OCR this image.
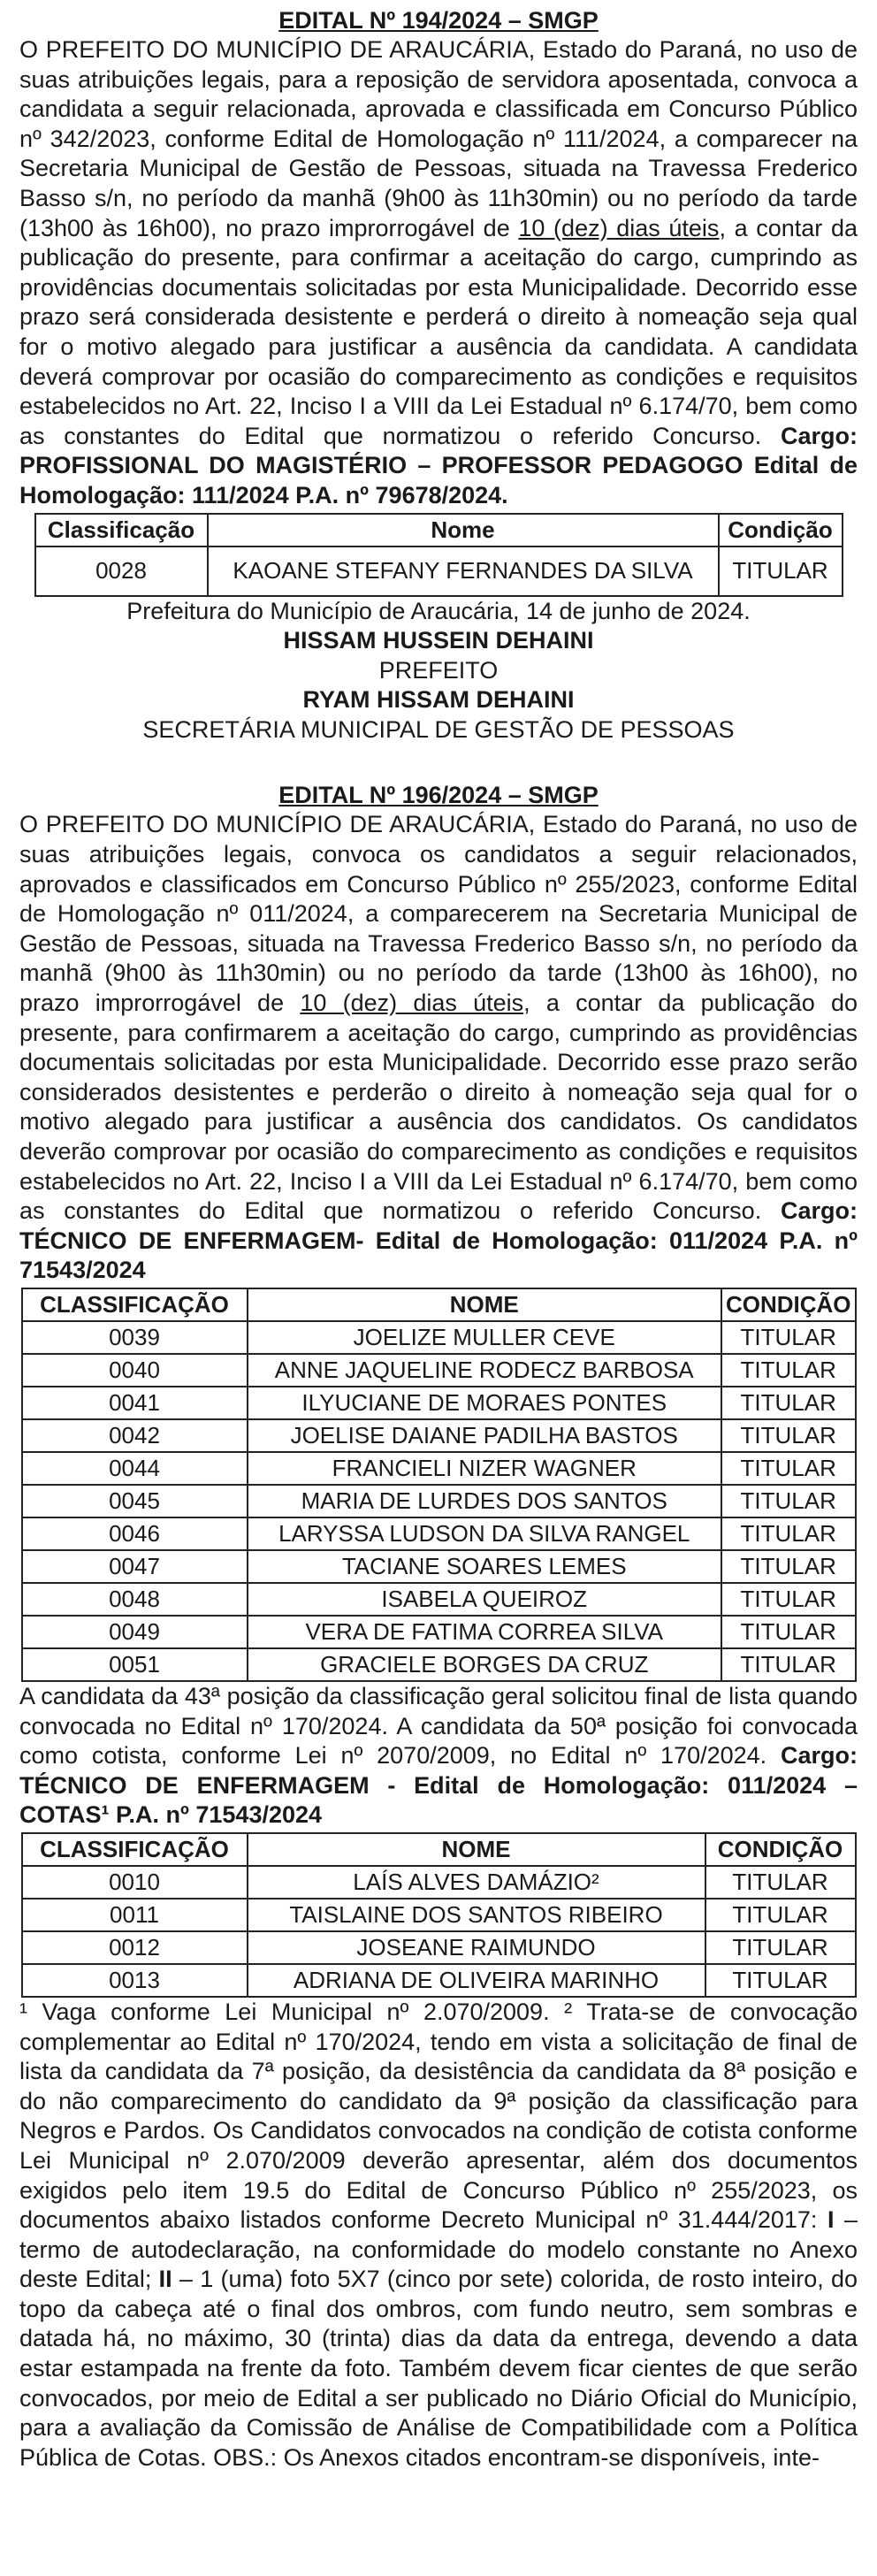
EDITAL Nº 194/2024 – SMGP

O PREFEITO DO MUNICÍPIO DE ARAUCÁRIA, Estado do Paraná, no uso de suas atribuições legais, para a reposição de servidora aposentada, convoca a candidata a seguir relacionada, aprovada e classificada em Concurso Público nº 342/2023, conforme Edital de Homologação nº 111/2024, a comparecer na Secretaria Municipal de Gestão de Pessoas, situada na Travessa Frederico Basso s/n, no período da manhã (9h00 às 11h30min) ou no período da tarde (13h00 às 16h00), no prazo improrrogável de 10 (dez) dias úteis, a contar da publicação do presente, para confirmar a aceitação do cargo, cumprindo as providências documentais solicitadas por esta Municipalidade. Decorrido esse prazo será considerada desistente e perderá o direito à nomeação seja qual for o motivo alegado para justificar a ausência da candidata. A candidata deverá comprovar por ocasião do comparecimento as condições e requisitos estabelecidos no Art. 22, Inciso I a VIII da Lei Estadual nº 6.174/70, bem como as constantes do Edital que normatizou o referido Concurso. Cargo: PROFISSIONAL DO MAGISTÉRIO – PROFESSOR PEDAGOGO Edital de Homologação: 111/2024 P.A. nº 79678/2024.

Classificação	Nome	Condição
0028	KAOANE STEFANY FERNANDES DA SILVA	TITULAR

Prefeitura do Município de Araucária, 14 de junho de 2024.

HISSAM HUSSEIN DEHAINI

PREFEITO

RYAM HISSAM DEHAINI

SECRETÁRIA MUNICIPAL DE GESTÃO DE PESSOAS

EDITAL Nº 196/2024 – SMGP

O PREFEITO DO MUNICÍPIO DE ARAUCÁRIA, Estado do Paraná, no uso de suas atribuições legais, convoca os candidatos a seguir relacionados, aprovados e classificados em Concurso Público nº 255/2023, conforme Edital de Homologação nº 011/2024, a comparecerem na Secretaria Municipal de Gestão de Pessoas, situada na Travessa Frederico Basso s/n, no período da manhã (9h00 às 11h30min) ou no período da tarde (13h00 às 16h00), no prazo improrrogável de 10 (dez) dias úteis, a contar da publicação do presente, para confirmarem a aceitação do cargo, cumprindo as providências documentais solicitadas por esta Municipalidade. Decorrido esse prazo serão considerados desistentes e perderão o direito à nomeação seja qual for o motivo alegado para justificar a ausência dos candidatos. Os candidatos deverão comprovar por ocasião do comparecimento as condições e requisitos estabelecidos no Art. 22, Inciso I a VIII da Lei Estadual nº 6.174/70, bem como as constantes do Edital que normatizou o referido Concurso. Cargo: TÉCNICO DE ENFERMAGEM- Edital de Homologação: 011/2024 P.A. nº 71543/2024

CLASSIFICAÇÃO	NOME	CONDIÇÃO
0039	JOELIZE MULLER CEVE	TITULAR
0040	ANNE JAQUELINE RODECZ BARBOSA	TITULAR
0041	ILYUCIANE DE MORAES PONTES	TITULAR
0042	JOELISE DAIANE PADILHA BASTOS	TITULAR
0044	FRANCIELI NIZER WAGNER	TITULAR
0045	MARIA DE LURDES DOS SANTOS	TITULAR
0046	LARYSSA LUDSON DA SILVA RANGEL	TITULAR
0047	TACIANE SOARES LEMES	TITULAR
0048	ISABELA QUEIROZ	TITULAR
0049	VERA DE FATIMA CORREA SILVA	TITULAR
0051	GRACIELE BORGES DA CRUZ	TITULAR

A candidata da 43ª posição da classificação geral solicitou final de lista quando convocada no Edital nº 170/2024. A candidata da 50ª posição foi convocada como cotista, conforme Lei nº 2070/2009, no Edital nº 170/2024. Cargo: TÉCNICO DE ENFERMAGEM - Edital de Homologação: 011/2024 – COTAS¹ P.A. nº 71543/2024

CLASSIFICAÇÃO	NOME	CONDIÇÃO
0010	LAÍS ALVES DAMÁZIO²	TITULAR
0011	TAISLAINE DOS SANTOS RIBEIRO	TITULAR
0012	JOSEANE RAIMUNDO	TITULAR
0013	ADRIANA DE OLIVEIRA MARINHO	TITULAR

¹ Vaga conforme Lei Municipal nº 2.070/2009. ² Trata-se de convocação complementar ao Edital nº 170/2024, tendo em vista a solicitação de final de lista da candidata da 7ª posição, da desistência da candidata da 8ª posição e do não comparecimento do candidato da 9ª posição da classificação para Negros e Pardos. Os Candidatos convocados na condição de cotista conforme Lei Municipal nº 2.070/2009 deverão apresentar, além dos documentos exigidos pelo item 19.5 do Edital de Concurso Público nº 255/2023, os documentos abaixo listados conforme Decreto Municipal nº 31.444/2017: I – termo de autodeclaração, na conformidade do modelo constante no Anexo deste Edital; II – 1 (uma) foto 5X7 (cinco por sete) colorida, de rosto inteiro, do topo da cabeça até o final dos ombros, com fundo neutro, sem sombras e datada há, no máximo, 30 (trinta) dias da data da entrega, devendo a data estar estampada na frente da foto. Também devem ficar cientes de que serão convocados, por meio de Edital a ser publicado no Diário Oficial do Município, para a avaliação da Comissão de Análise de Compatibilidade com a Política Pública de Cotas. OBS.: Os Anexos citados encontram-se disponíveis, inte-
